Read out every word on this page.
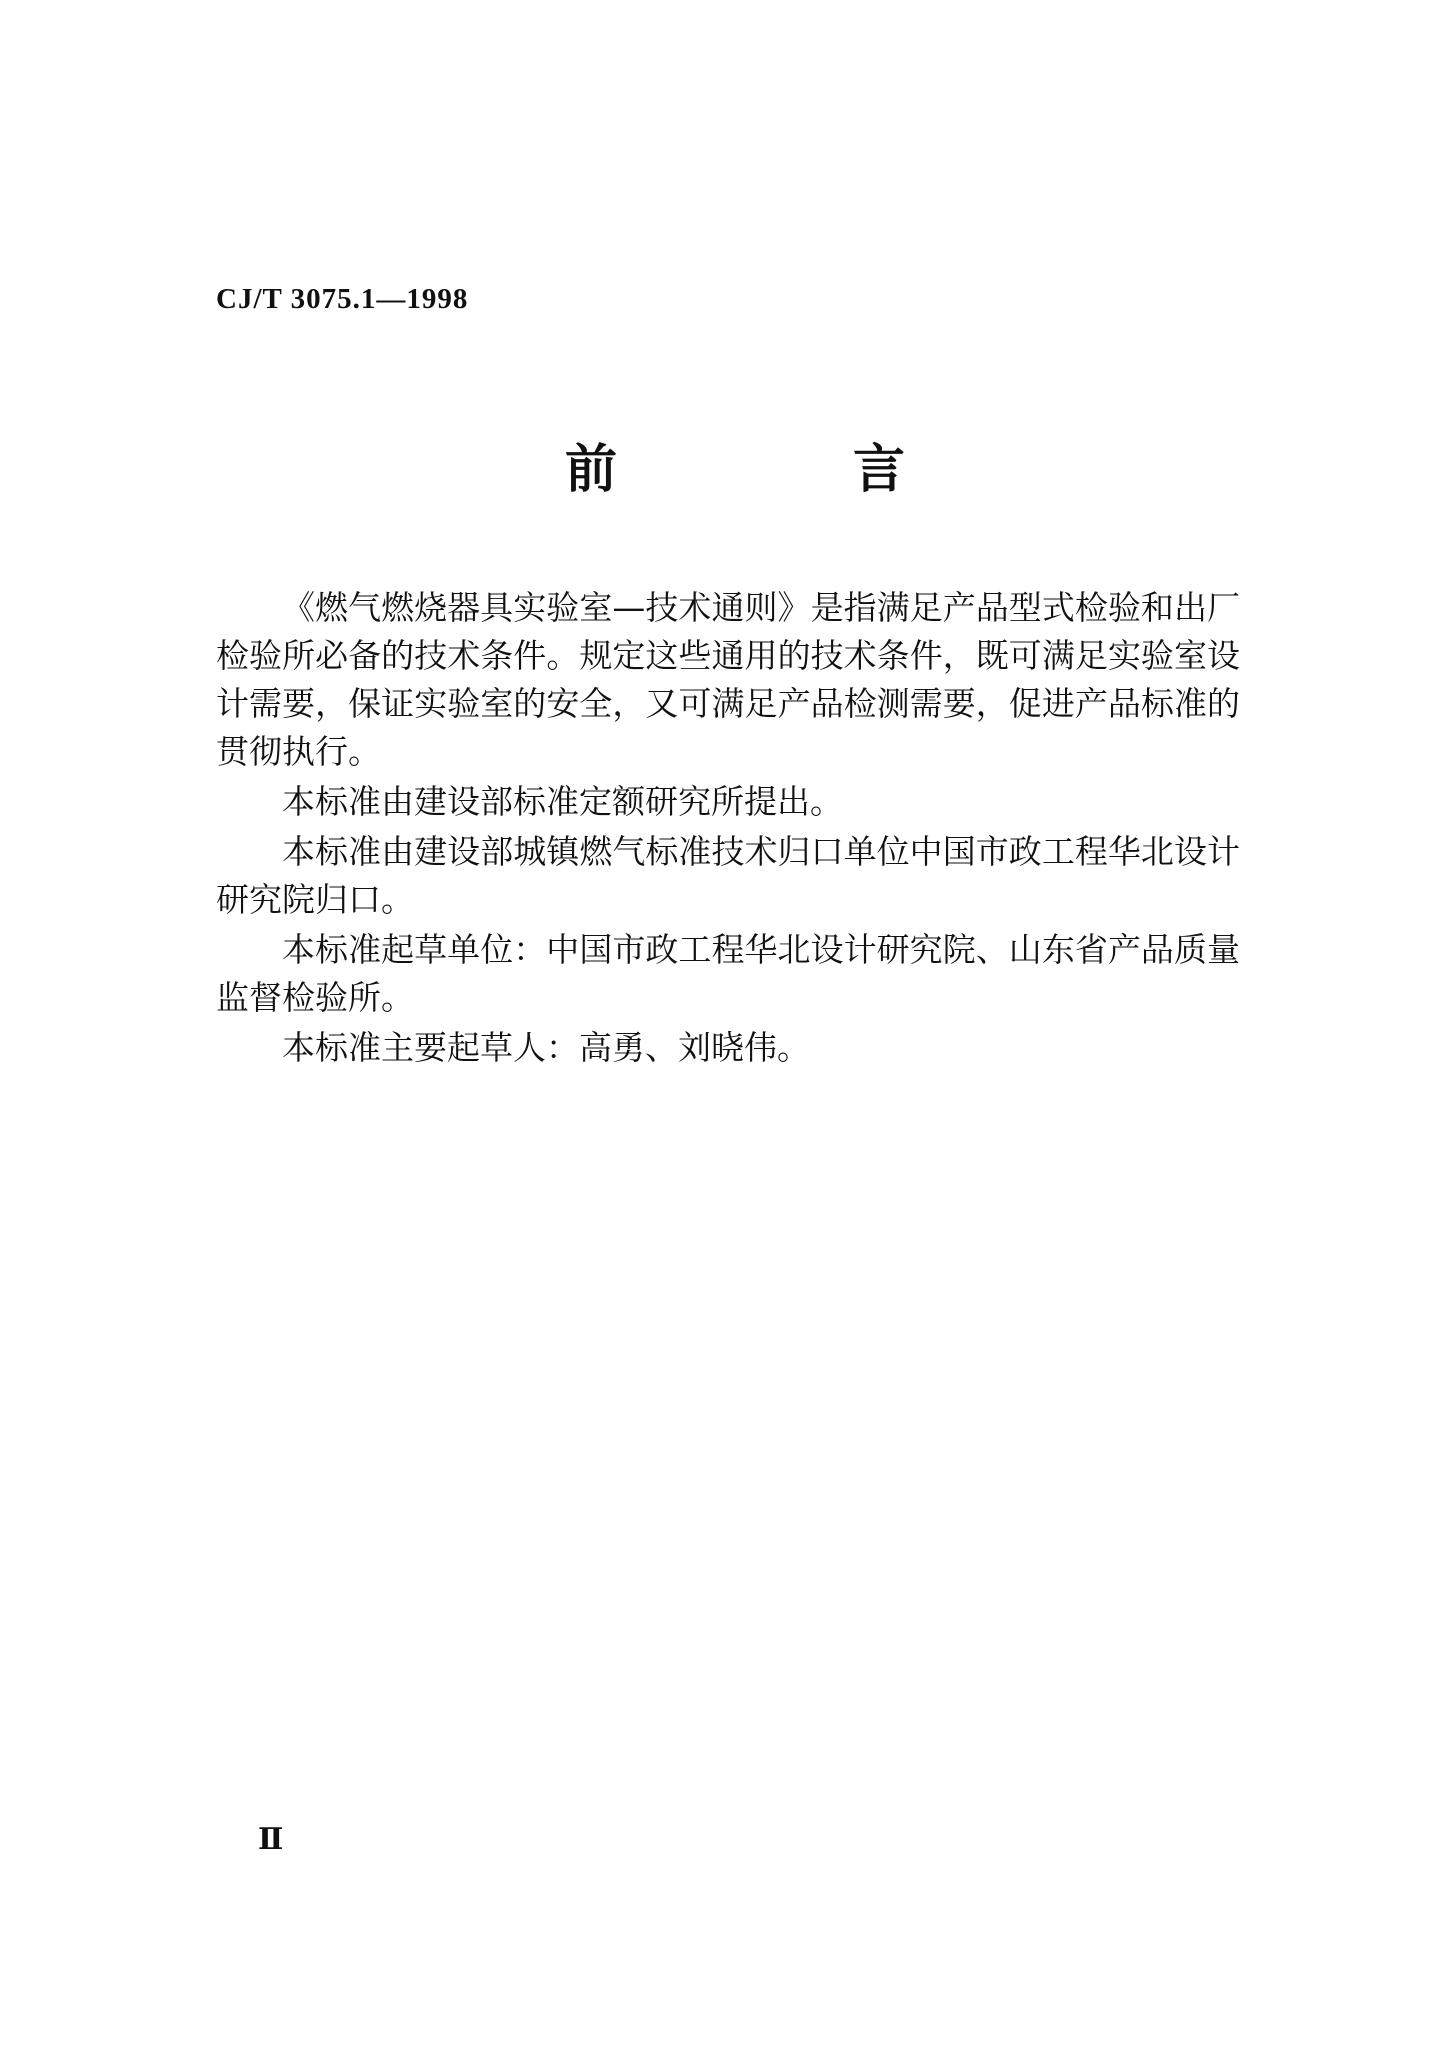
CJ/T 3075.1—1998
前	言

《燃气燃烧器具实验室—技术通则》是指满足产品型式检验和出厂检验所必备的技术条件。规定这些通用的技术条件，既可满足实验室设计需要，保证实验室的安全，又可满足产品检测需要，促进产品标准的贯彻执行。

本标准由建设部标准定额研究所提出。

本标准由建设部城镇燃气标准技术归口单位中国市政工程华北设计研究院归口。

本标准起草单位：中国市政工程华北设计研究院、山东省产品质量监督检验所。

本标准主要起草人：高勇、刘晓伟。

Ⅱ
